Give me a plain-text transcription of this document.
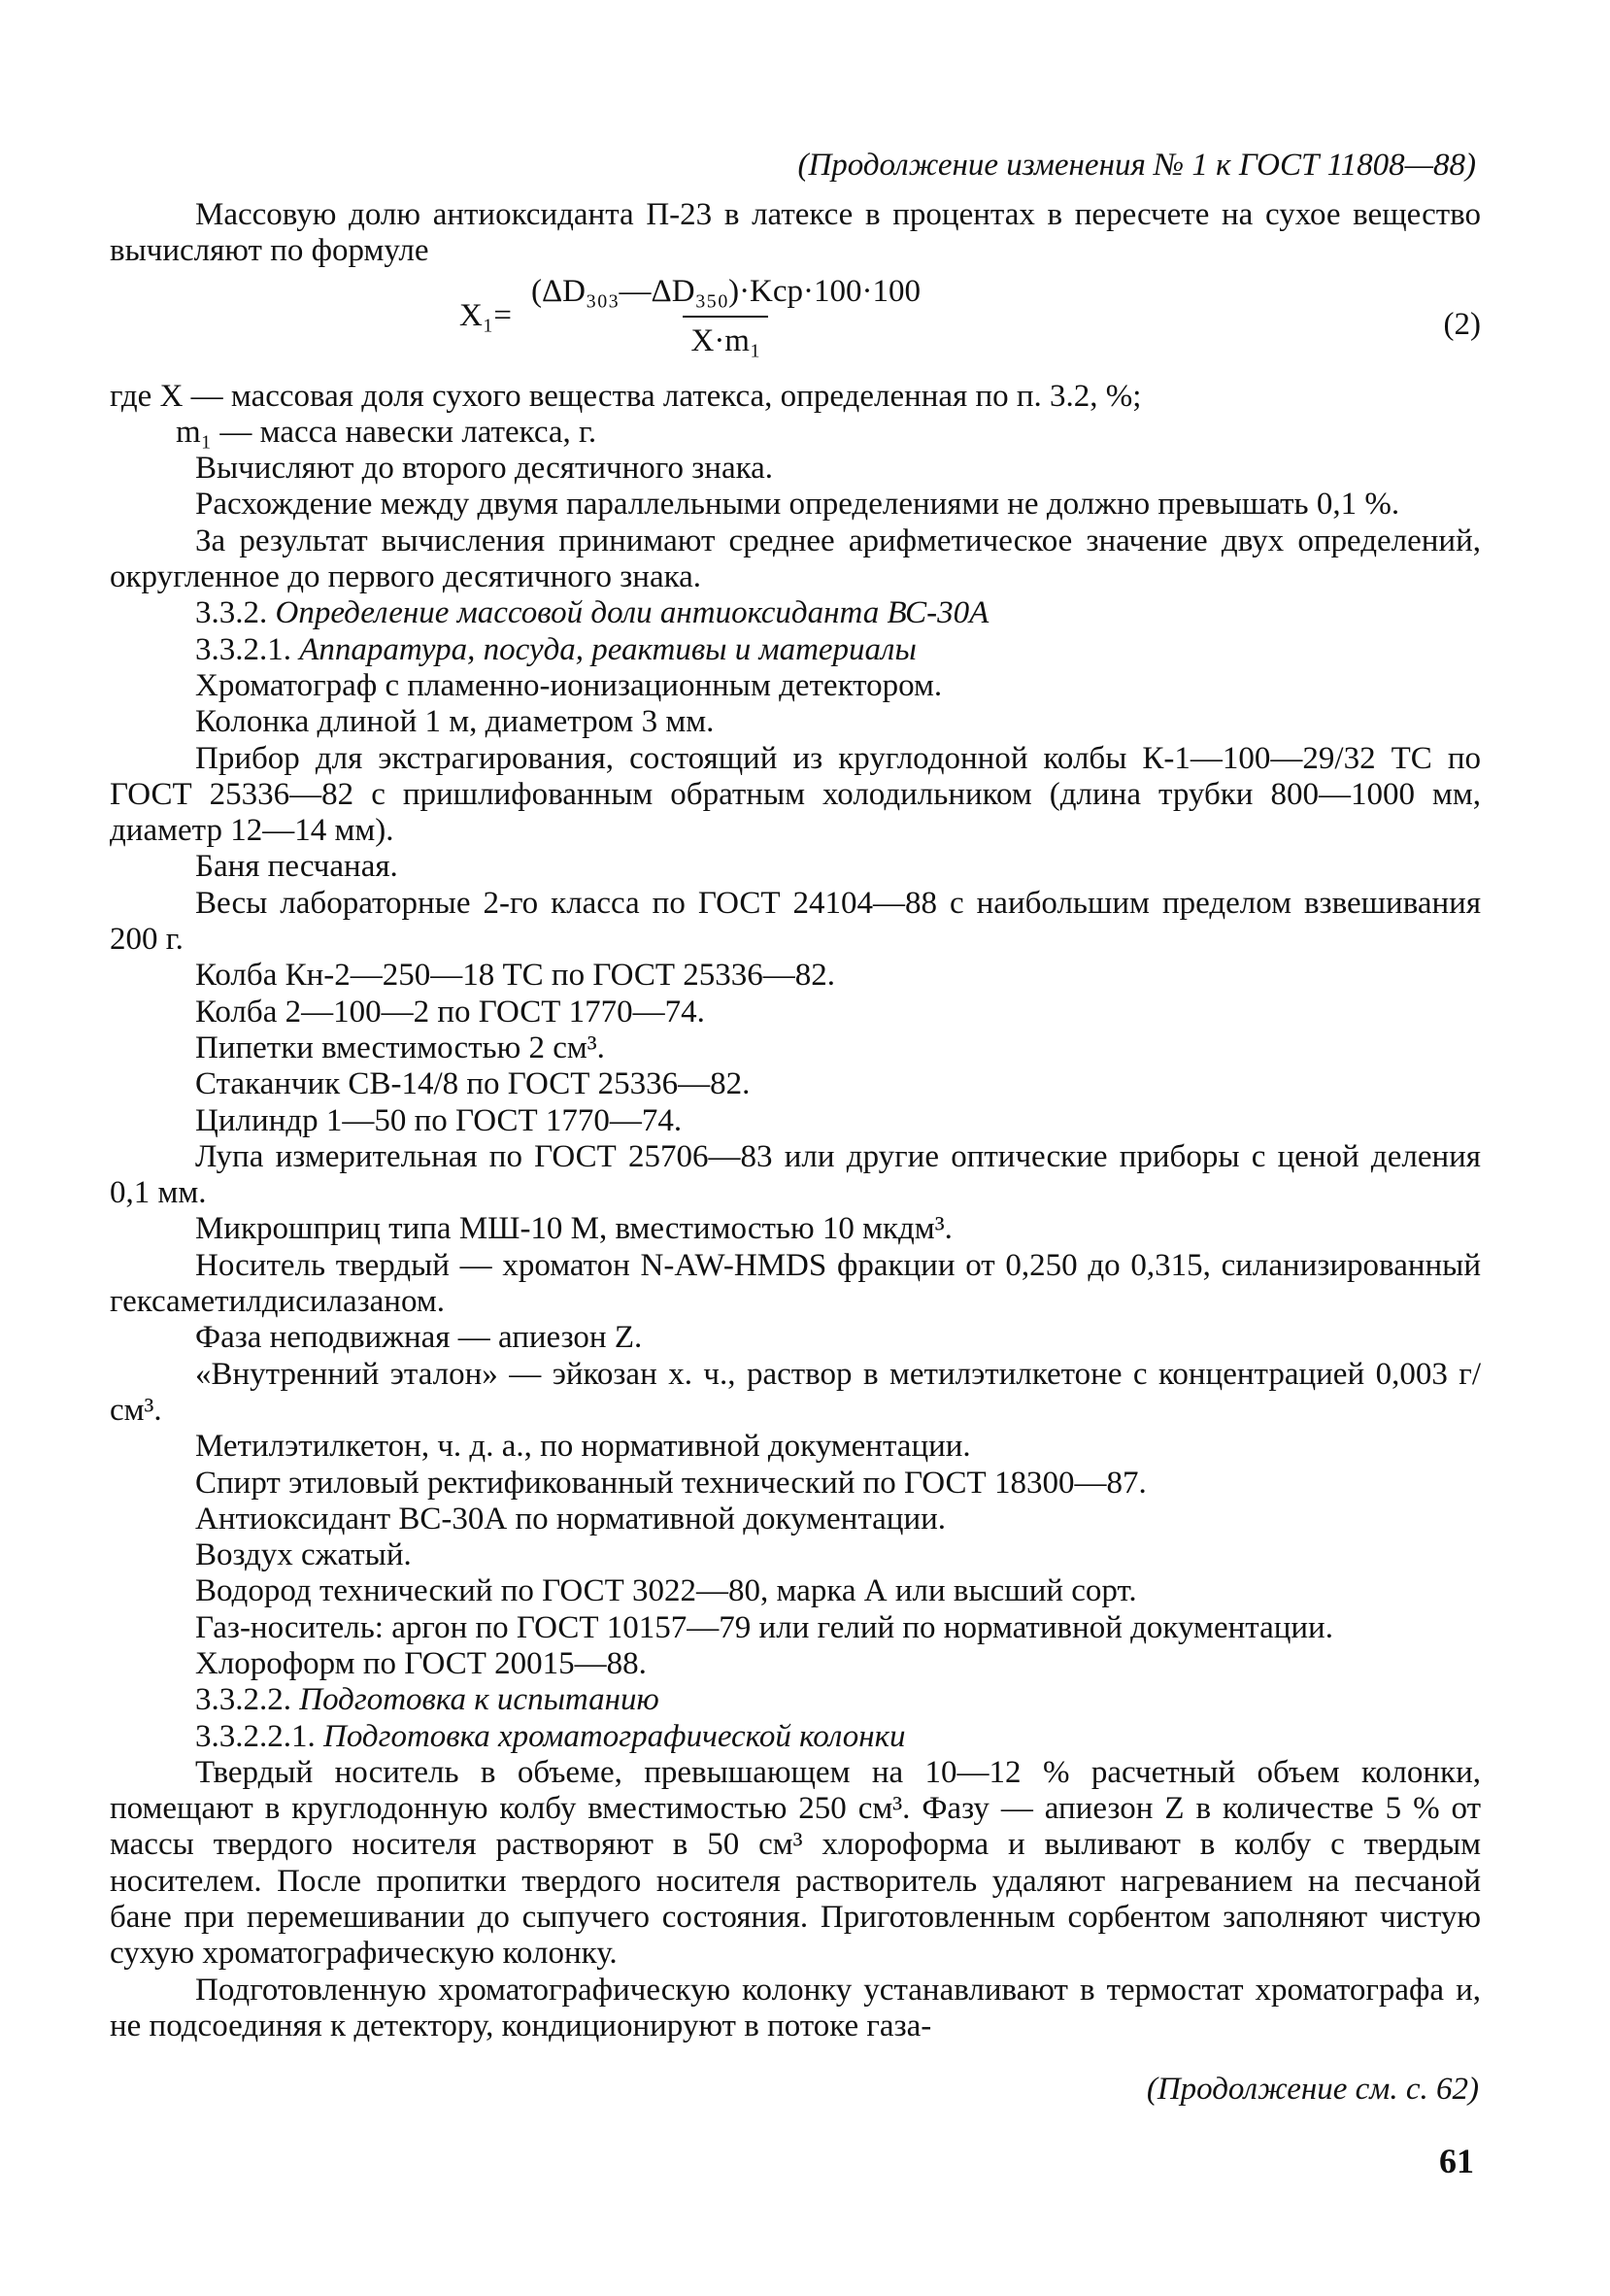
(Продолжение изменения № 1 к ГОСТ 11808—88)

Массовую долю антиоксиданта П-23 в латексе в процентах в пересчете на сухое вещество вычисляют по формуле

$X_1= \frac{\text{(ΔD₃₀₃—ΔD₃₅₀)·Kср·100·100}}{\text{X·m₁}}$	(2)

где X — массовая доля сухого вещества латекса, определенная по п. 3.2, %;

m₁ — масса навески латекса, г.

Вычисляют до второго десятичного знака.

Расхождение между двумя параллельными определениями не должно превышать 0,1 %.

За результат вычисления принимают среднее арифметическое значение двух определений, округленное до первого десятичного знака.

3.3.2. Определение массовой доли антиоксиданта ВС-30А

3.3.2.1. Аппаратура, посуда, реактивы и материалы

Хроматограф с пламенно-ионизационным детектором.

Колонка длиной 1 м, диаметром 3 мм.

Прибор для экстрагирования, состоящий из круглодонной колбы К-1—100—29/32 ТС по ГОСТ 25336—82 с пришлифованным обратным холодильником (длина трубки 800—1000 мм, диаметр 12—14 мм).

Баня песчаная.

Весы лабораторные 2-го класса по ГОСТ 24104—88 с наибольшим пределом взвешивания 200 г.

Колба Кн-2—250—18 ТС по ГОСТ 25336—82.

Колба 2—100—2 по ГОСТ 1770—74.

Пипетки вместимостью 2 см³.

Стаканчик СВ-14/8 по ГОСТ 25336—82.

Цилиндр 1—50 по ГОСТ 1770—74.

Лупа измерительная по ГОСТ 25706—83 или другие оптические приборы с ценой деления 0,1 мм.

Микрошприц типа МШ-10 М, вместимостью 10 мкдм³.

Носитель твердый — хроматон N-AW-HMDS фракции от 0,250 до 0,315, силанизированный гексаметилдисилазаном.

Фаза неподвижная — апиезон Z.

«Внутренний эталон» — эйкозан х. ч., раствор в метилэтилкетоне с концентрацией 0,003 г/см³.

Метилэтилкетон, ч. д. а., по нормативной документации.

Спирт этиловый ректификованный технический по ГОСТ 18300—87.

Антиоксидант ВС-30А по нормативной документации.

Воздух сжатый.

Водород технический по ГОСТ 3022—80, марка А или высший сорт.

Газ-носитель: аргон по ГОСТ 10157—79 или гелий по нормативной документации.

Хлороформ по ГОСТ 20015—88.

3.3.2.2. Подготовка к испытанию

3.3.2.2.1. Подготовка хроматографической колонки

Твердый носитель в объеме, превышающем на 10—12 % расчетный объем колонки, помещают в круглодонную колбу вместимостью 250 см³. Фазу — апиезон Z в количестве 5 % от массы твердого носителя растворяют в 50 см³ хлороформа и выливают в колбу с твердым носителем. После пропитки твердого носителя растворитель удаляют нагреванием на песчаной бане при перемешивании до сыпучего состояния. Приготовленным сорбентом заполняют чистую сухую хроматографическую колонку.

Подготовленную хроматографическую колонку устанавливают в термостат хроматографа и, не подсоединяя к детектору, кондиционируют в потоке газа-

(Продолжение см. с. 62)
61
